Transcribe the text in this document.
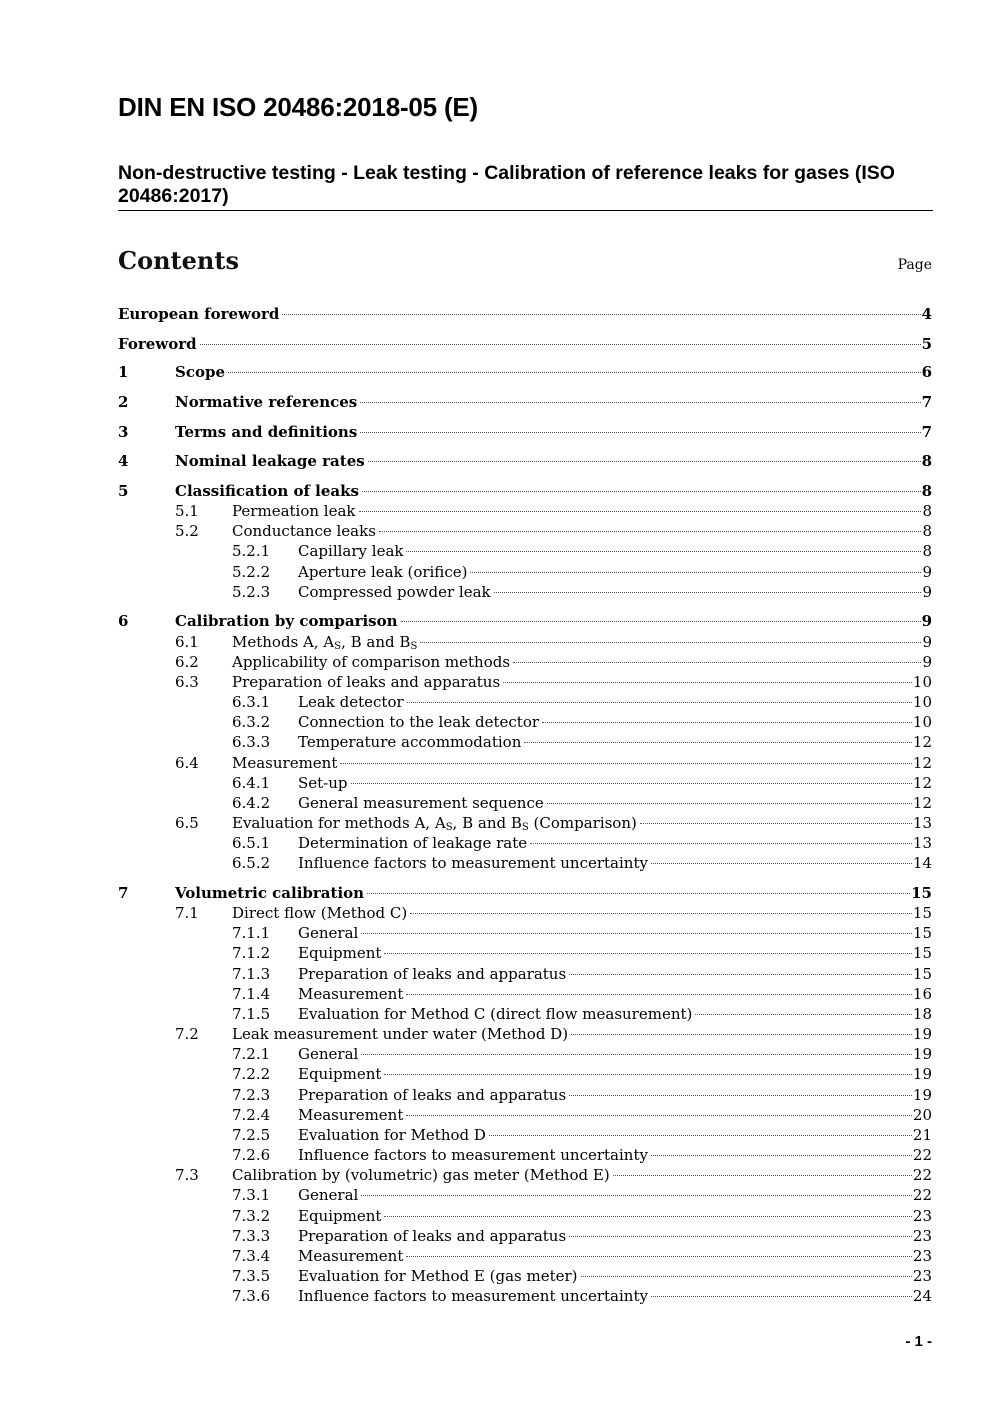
DIN EN ISO 20486:2018-05 (E)
Non-destructive testing - Leak testing - Calibration of reference leaks for gases (ISO 20486:2017)
Contents	Page
European foreword	4
Foreword	5
1	Scope	6
2	Normative references	7
3	Terms and definitions	7
4	Nominal leakage rates	8
5	Classification of leaks	8
5.1 Permeation leak	8
5.2 Conductance leaks	8
5.2.1 Capillary leak	8
5.2.2 Aperture leak (orifice)	9
5.2.3 Compressed powder leak	9
6	Calibration by comparison	9
6.1 Methods A, $A_S$, B and $B_S$	9
6.2 Applicability of comparison methods	9
6.3 Preparation of leaks and apparatus	10
6.3.1 Leak detector	10
6.3.2 Connection to the leak detector	10
6.3.3 Temperature accommodation	12
6.4 Measurement	12
6.4.1 Set-up	12
6.4.2 General measurement sequence	12
6.5 Evaluation for methods A, $A_S$, B and $B_S$ (Comparison)	13
6.5.1 Determination of leakage rate	13
6.5.2 Influence factors to measurement uncertainty	14
7	Volumetric calibration	15
7.1 Direct flow (Method C)	15
7.1.1 General	15
7.1.2 Equipment	15
7.1.3 Preparation of leaks and apparatus	15
7.1.4 Measurement	16
7.1.5 Evaluation for Method C (direct flow measurement)	18
7.2 Leak measurement under water (Method D)	19
7.2.1 General	19
7.2.2 Equipment	19
7.2.3 Preparation of leaks and apparatus	19
7.2.4 Measurement	20
7.2.5 Evaluation for Method D	21
7.2.6 Influence factors to measurement uncertainty	22
7.3 Calibration by (volumetric) gas meter (Method E)	22
7.3.1 General	22
7.3.2 Equipment	23
7.3.3 Preparation of leaks and apparatus	23
7.3.4 Measurement	23
7.3.5 Evaluation for Method E (gas meter)	23
7.3.6 Influence factors to measurement uncertainty	24
- 1 -
